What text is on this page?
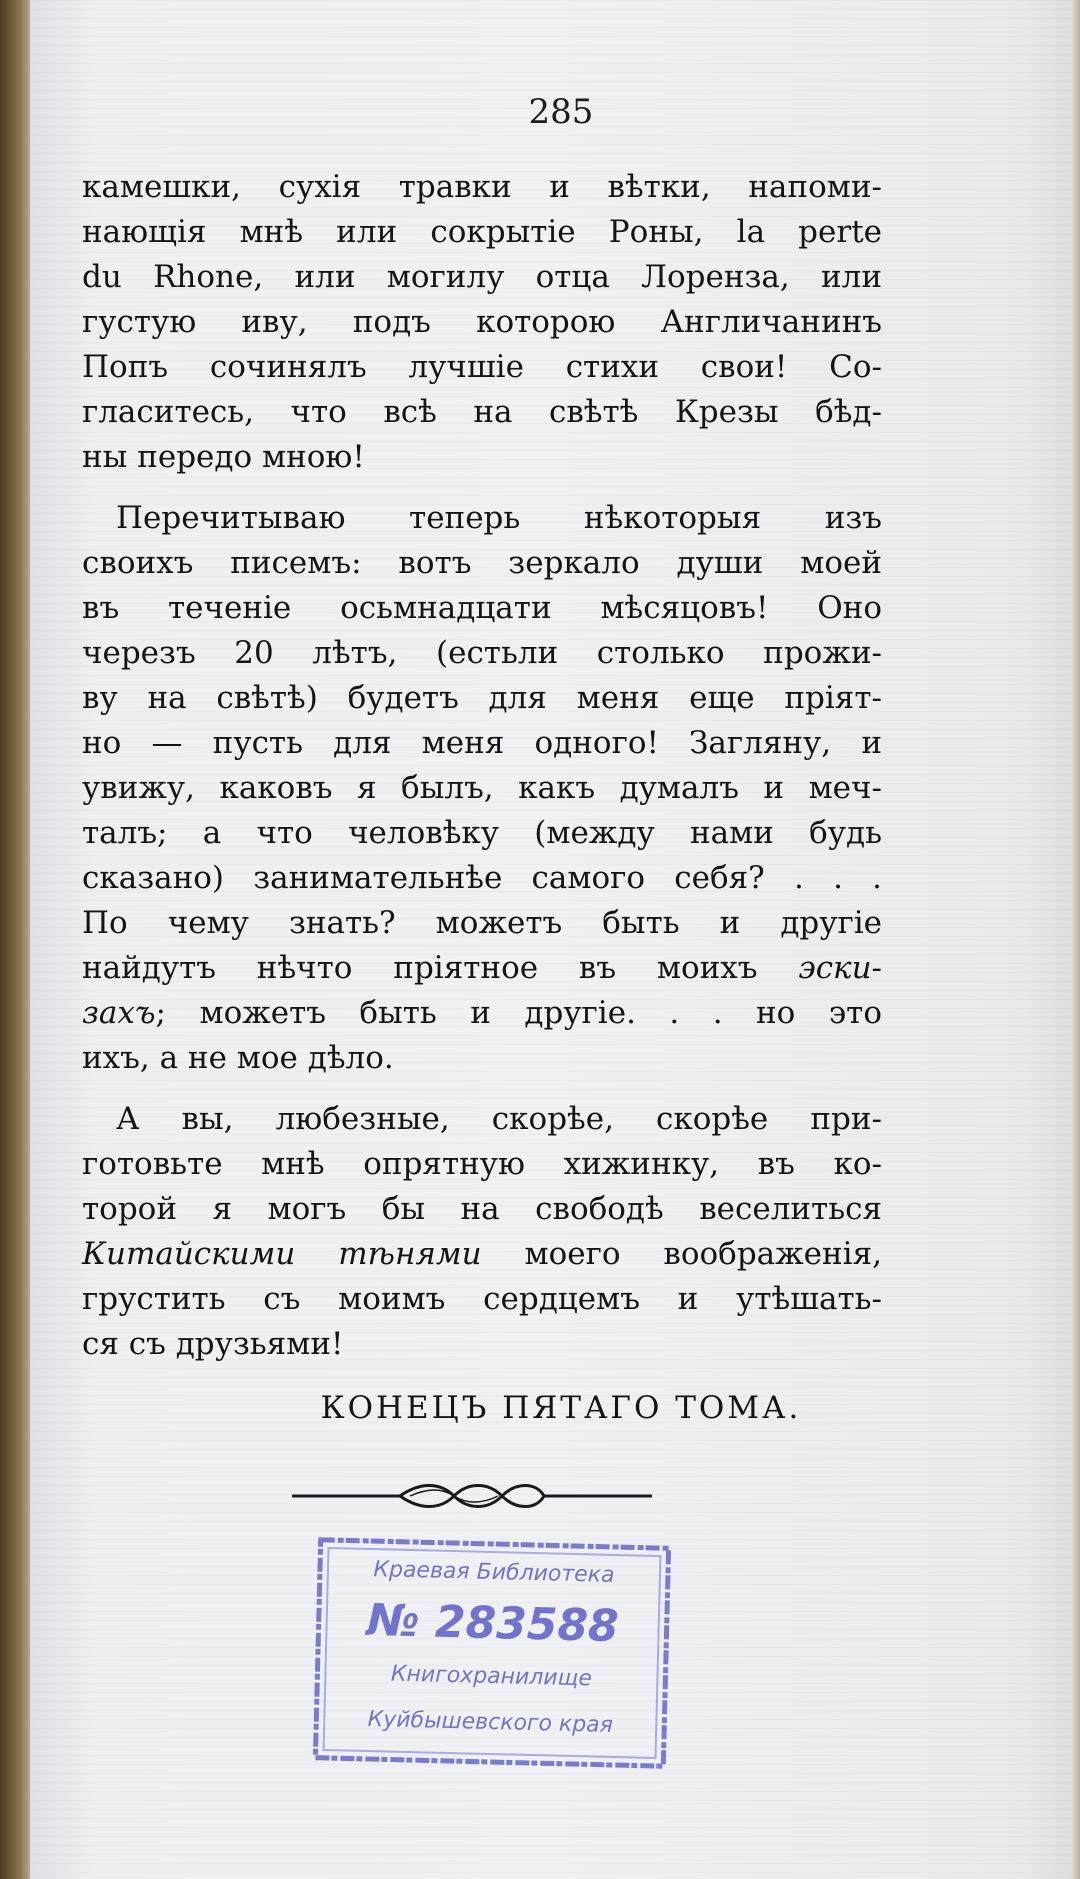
285
камешки, сухія травки и вѣтки, напоми-
нающія мнѣ или сокрытіе Роны, la perte
du Rhone, или могилу отца Лоренза, или
густую иву, подъ которою Англичанинъ
Попъ сочинялъ лучшіе стихи свои! Со-
гласитесь, что всѣ на свѣтѣ Крезы бѣд-
ны передо мною!
Перечитываю теперь нѣкоторыя изъ
своихъ писемъ: вотъ зеркало души моей
въ теченіе осьмнадцати мѣсяцовъ! Оно
черезъ 20 лѣтъ, (естьли столько прожи-
ву на свѣтѣ) будетъ для меня еще пріят-
но — пусть для меня одного! Загляну, и
увижу, каковъ я былъ, какъ думалъ и меч-
талъ; а что человѣку (между нами будь
сказано) занимательнѣе самого себя? . . .
По чему знать? можетъ быть и другіе
найдутъ нѣчто пріятное въ моихъ эски-
захъ; можетъ быть и другіе. . . но это
ихъ, а не мое дѣло.
А вы, любезные, скорѣе, скорѣе при-
готовьте мнѣ опрятную хижинку, въ ко-
торой я могъ бы на свободѣ веселиться
Китайскими тѣнями моего воображенія,
грустить съ моимъ сердцемъ и утѣшать-
ся съ друзьями!
КОНЕЦЪ ПЯТАГО ТОМА.
Краевая Библиотека
№ 283588
Книгохранилище
Куйбышевского края
